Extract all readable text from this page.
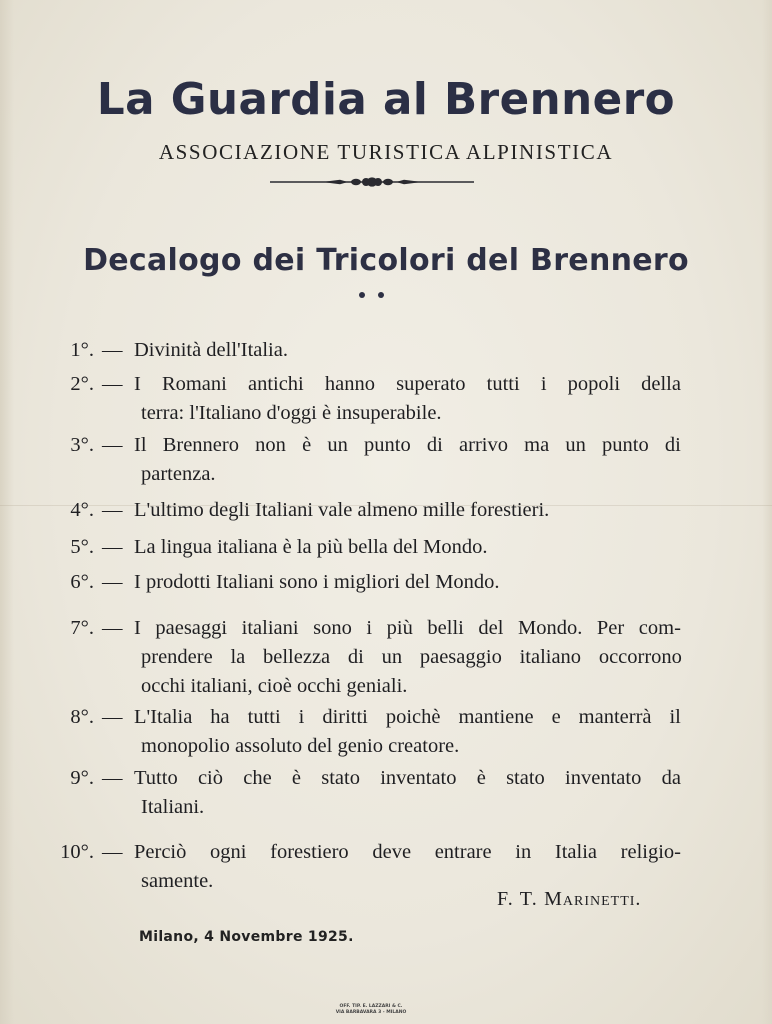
La Guardia al Brennero
ASSOCIAZIONE TURISTICA ALPINISTICA
Decalogo dei Tricolori del Brennero
1°. — Divinità dell'Italia.
2°. — I Romani antichi hanno superato tutti i popoli della
terra: l'Italiano d'oggi è insuperabile.
3°. — Il Brennero non è un punto di arrivo ma un punto di
partenza.
4°. — L'ultimo degli Italiani vale almeno mille forestieri.
5°. — La lingua italiana è la più bella del Mondo.
6°. — I prodotti Italiani sono i migliori del Mondo.
7°. — I paesaggi italiani sono i più belli del Mondo. Per com-
prendere la bellezza di un paesaggio italiano occorrono
occhi italiani, cioè occhi geniali.
8°. — L'Italia ha tutti i diritti poichè mantiene e manterrà il
monopolio assoluto del genio creatore.
9°. — Tutto ciò che è stato inventato è stato inventato da
Italiani.
10°. — Perciò ogni forestiero deve entrare in Italia religio-
samente.
F. T. Marinetti.
Milano, 4 Novembre 1925.
OFF. TIP. E. LAZZARI & C.
VIA BARBAVARA 3 - MILANO
